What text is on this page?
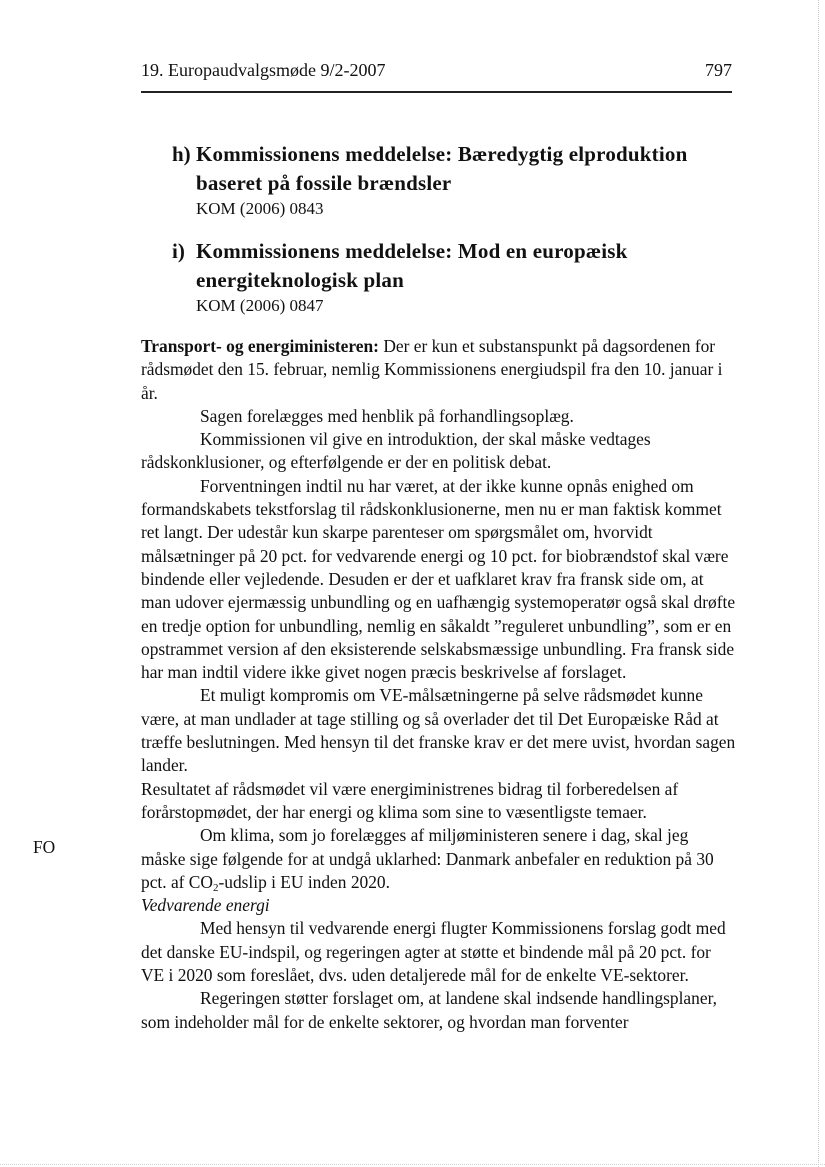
19. Europaudvalgsmøde 9/2-2007	797
h) Kommissionens meddelelse: Bæredygtig elproduktion
baseret på fossile brændsler
KOM (2006) 0843
i) Kommissionens meddelelse: Mod en europæisk
energiteknologisk plan
KOM (2006) 0847
FO

Transport- og energiministeren: Der er kun et substanspunkt på dagsordenen for rådsmødet den 15. februar, nemlig Kommissionens energiudspil fra den 10. januar i år.

Sagen forelægges med henblik på forhandlingsoplæg.

Kommissionen vil give en introduktion, der skal måske vedtages rådskonklusioner, og efterfølgende er der en politisk debat.

Forventningen indtil nu har været, at der ikke kunne opnås enighed om formandskabets tekstforslag til rådskonklusionerne, men nu er man faktisk kommet ret langt. Der udestår kun skarpe parenteser om spørgsmålet om, hvorvidt målsætninger på 20 pct. for vedvarende energi og 10 pct. for biobrændstof skal være bindende eller vejledende. Desuden er der et uafklaret krav fra fransk side om, at man udover ejermæssig unbundling og en uafhængig systemoperatør også skal drøfte en tredje option for unbundling, nemlig en såkaldt ”reguleret unbundling”, som er en opstrammet version af den eksisterende selskabsmæssige unbundling. Fra fransk side har man indtil videre ikke givet nogen præcis beskrivelse af forslaget.

Et muligt kompromis om VE-målsætningerne på selve rådsmødet kunne være, at man undlader at tage stilling og så overlader det til Det Europæiske Råd at træffe beslutningen. Med hensyn til det franske krav er det mere uvist, hvordan sagen lander.

Resultatet af rådsmødet vil være energiministrenes bidrag til forberedelsen af forårstopmødet, der har energi og klima som sine to væsentligste temaer.

Om klima, som jo forelægges af miljøministeren senere i dag, skal jeg måske sige følgende for at undgå uklarhed: Danmark anbefaler en reduktion på 30 pct. af $CO_2$-udslip i EU inden 2020.

Vedvarende energi

Med hensyn til vedvarende energi flugter Kommissionens forslag godt med det danske EU-indspil, og regeringen agter at støtte et bindende mål på 20 pct. for VE i 2020 som foreslået, dvs. uden detaljerede mål for de enkelte VE-sektorer.

Regeringen støtter forslaget om, at landene skal indsende handlingsplaner, som indeholder mål for de enkelte sektorer, og hvordan man forventer
